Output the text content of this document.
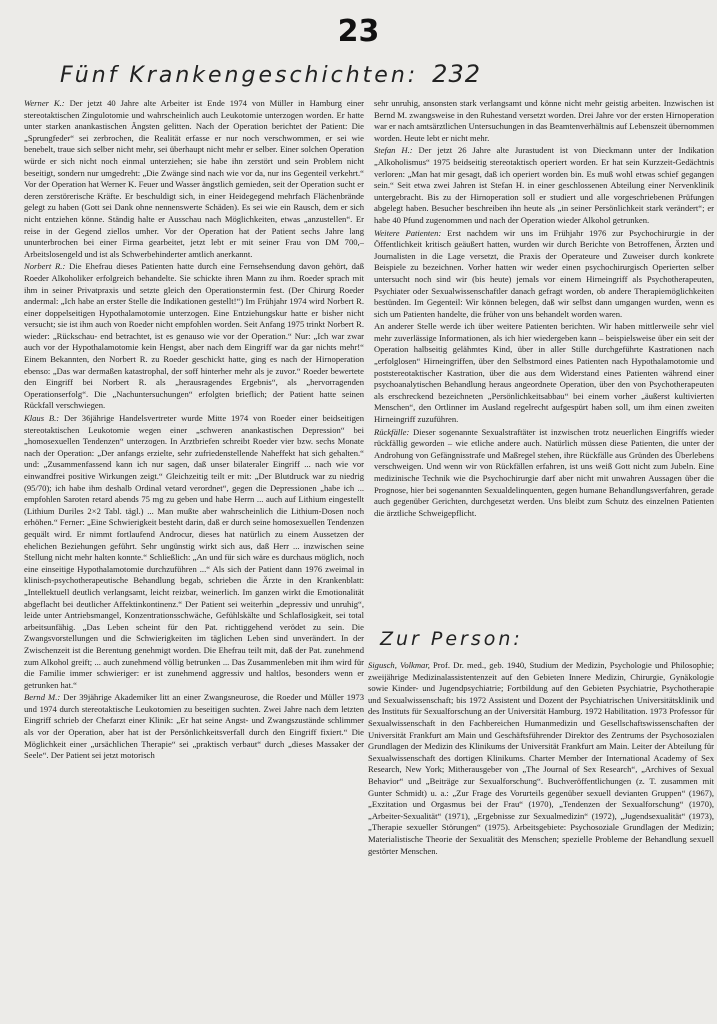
23
Fünf Krankengeschichten: 232

Werner K.: Der jetzt 40 Jahre alte Arbeiter ist Ende 1974 von Müller in Hamburg einer stereotaktischen Zingulotomie und wahrscheinlich auch Leukotomie unterzogen worden. Er hatte unter starken anankastischen Ängsten gelitten. Nach der Operation berichtet der Patient: Die „Sprungfeder“ sei zerbrochen, die Realität erfasse er nur noch verschwommen, er sei wie benebelt, traue sich selber nicht mehr, sei überhaupt nicht mehr er selber. Einer solchen Operation würde er sich nicht noch einmal unterziehen; sie habe ihn zerstört und sein Problem nicht beseitigt, sondern nur umgedreht: „Die Zwänge sind nach wie vor da, nur ins Gegenteil verkehrt.“ Vor der Operation hat Werner K. Feuer und Wasser ängstlich gemieden, seit der Operation sucht er deren zerstörerische Kräfte. Er beschuldigt sich, in einer Heidegegend mehrfach Flächenbrände gelegt zu haben (Gott sei Dank ohne nennenswerte Schäden). Es sei wie ein Rausch, dem er sich nicht entziehen könne. Ständig halte er Ausschau nach Möglichkeiten, etwas „anzustellen“. Er reise in der Gegend ziellos umher. Vor der Operation hat der Patient sechs Jahre lang ununterbrochen bei einer Firma gearbeitet, jetzt lebt er mit seiner Frau von DM 700,– Arbeitslosengeld und ist als Schwerbehinderter amtlich anerkannt.

Norbert R.: Die Ehefrau dieses Patienten hatte durch eine Fernsehsendung davon gehört, daß Roeder Alkoholiker erfolgreich behandelte. Sie schickte ihren Mann zu ihm. Roeder sprach mit ihm in seiner Privatpraxis und setzte gleich den Operationstermin fest. (Der Chirurg Roeder andermal: „Ich habe an erster Stelle die Indikationen gestellt!“) Im Frühjahr 1974 wird Norbert R. einer doppelseitigen Hypothalamotomie unterzogen. Eine Entziehungskur hatte er bisher nicht versucht; sie ist ihm auch von Roeder nicht empfohlen worden. Seit Anfang 1975 trinkt Norbert R. wieder: „Rückschau- end betrachtet, ist es genauso wie vor der Operation.“ Nur: „Ich war zwar auch vor der Hypothalamotomie kein Hengst, aber nach dem Eingriff war da gar nichts mehr!“ Einem Bekannten, den Norbert R. zu Roeder geschickt hatte, ging es nach der Hirnoperation ebenso: „Das war dermaßen katastrophal, der soff hinterher mehr als je zuvor.“ Roeder bewertete den Eingriff bei Norbert R. als „herausragendes Ergebnis“, als „hervorragenden Operationserfolg“. Die „Nachuntersuchungen“ erfolgten brieflich; der Patient hatte seinen Rückfall verschwiegen.

Klaus B.: Der 36jährige Handelsvertreter wurde Mitte 1974 von Roeder einer beidseitigen stereotaktischen Leukotomie wegen einer „schweren anankastischen Depression“ bei „homosexuellen Tendenzen“ unterzogen. In Arztbriefen schreibt Roeder vier bzw. sechs Monate nach der Operation: „Der anfangs erzielte, sehr zufriedenstellende Naheffekt hat sich gehalten.“ und: „Zusammenfassend kann ich nur sagen, daß unser bilateraler Eingriff ... nach wie vor einwandfrei positive Wirkungen zeigt.“ Gleichzeitig teilt er mit: „Der Blutdruck war zu niedrig (95/70); ich habe ihm deshalb Ordinal vetard verordnet“, gegen die Depressionen „habe ich ... empfohlen Saroten retard abends 75 mg zu geben und habe Herrn ... auch auf Lithium eingestellt (Lithium Duriles 2×2 Tabl. tägl.) ... Man mußte aber wahrscheinlich die Lithium-Dosen noch erhöhen.“ Ferner: „Eine Schwierigkeit besteht darin, daß er durch seine homosexuellen Tendenzen gequält wird. Er nimmt fortlaufend Androcur, dieses hat natürlich zu einem Aussetzen der ehelichen Beziehungen geführt. Sehr ungünstig wirkt sich aus, daß Herr ... inzwischen seine Stellung nicht mehr halten konnte.“ Schließlich: „An und für sich wäre es durchaus möglich, noch eine einseitige Hypothalamotomie durchzuführen ...“ Als sich der Patient dann 1976 zweimal in klinisch-psychotherapeutische Behandlung begab, schrieben die Ärzte in den Krankenblatt: „Intellektuell deutlich verlangsamt, leicht reizbar, weinerlich. Im ganzen wirkt die Emotionalität abgeflacht bei deutlicher Affektinkontinenz.“ Der Patient sei weiterhin „depressiv und unruhig“, leide unter Antriebsmangel, Konzentrationsschwäche, Gefühlskälte und Schlaflosigkeit, sei total arbeitsunfähig. „Das Leben scheint für den Pat. richtiggehend verödet zu sein. Die Zwangsvorstellungen und die Schwierigkeiten im täglichen Leben sind unverändert. In der Zwischenzeit ist die Berentung genehmigt worden. Die Ehefrau teilt mit, daß der Pat. zunehmend zum Alkohol greift; ... auch zunehmend völlig betrunken ... Das Zusammenleben mit ihm wird für die Familie immer schwieriger: er ist zunehmend aggressiv und haltlos, besonders wenn er getrunken hat.“

Bernd M.: Der 39jährige Akademiker litt an einer Zwangsneurose, die Roeder und Müller 1973 und 1974 durch stereotaktische Leukotomien zu beseitigen suchten. Zwei Jahre nach dem letzten Eingriff schrieb der Chefarzt einer Klinik: „Er hat seine Angst- und Zwangszustände schlimmer als vor der Operation, aber hat ist der Persönlichkeitsverfall durch den Eingriff fixiert.“ Die Möglichkeit einer „ursächlichen Therapie“ sei „praktisch verbaut“ durch „dieses Massaker der Seele“. Der Patient sei jetzt motorisch

sehr unruhig, ansonsten stark verlangsamt und könne nicht mehr geistig arbeiten. Inzwischen ist Bernd M. zwangsweise in den Ruhestand versetzt worden. Drei Jahre vor der ersten Hirnoperation war er nach amtsärztlichen Untersuchungen in das Beamtenverhältnis auf Lebenszeit übernommen worden. Heute lebt er nicht mehr.

Stefan H.: Der jetzt 26 Jahre alte Jurastudent ist von Dieckmann unter der Indikation „Alkoholismus“ 1975 beidseitig stereotaktisch operiert worden. Er hat sein Kurzzeit-Gedächtnis verloren: „Man hat mir gesagt, daß ich operiert worden bin. Es muß wohl etwas schief gegangen sein.“ Seit etwa zwei Jahren ist Stefan H. in einer geschlossenen Abteilung einer Nervenklinik untergebracht. Bis zu der Hirnoperation soll er studiert und alle vorgeschriebenen Prüfungen abgelegt haben. Besucher beschreiben ihn heute als „in seiner Persönlichkeit stark verändert“; er habe 40 Pfund zugenommen und nach der Operation wieder Alkohol getrunken.

Weitere Patienten: Erst nachdem wir uns im Frühjahr 1976 zur Psychochirurgie in der Öffentlichkeit kritisch geäußert hatten, wurden wir durch Berichte von Betroffenen, Ärzten und Journalisten in die Lage versetzt, die Praxis der Operateure und Zuweiser durch konkrete Beispiele zu bezeichnen. Vorher hatten wir weder einen psychochirurgisch Operierten selber untersucht noch sind wir (bis heute) jemals vor einem Hirneingriff als Psychotherapeuten, Psychiater oder Sexualwissenschaftler danach gefragt worden, ob andere Therapiemöglichkeiten bestünden. Im Gegenteil: Wir können belegen, daß wir selbst dann umgangen wurden, wenn es sich um Patienten handelte, die früher von uns behandelt worden waren.

An anderer Stelle werde ich über weitere Patienten berichten. Wir haben mittlerweile sehr viel mehr zuverlässige Informationen, als ich hier wiedergeben kann – beispielsweise über ein seit der Operation halbseitig gelähmtes Kind, über in aller Stille durchgeführte Kastrationen nach „erfolglosen“ Hirneingriffen, über den Selbstmord eines Patienten nach Hypothalamotomie und poststereotaktischer Kastration, über die aus dem Widerstand eines Patienten während einer psychoanalytischen Behandlung heraus angeordnete Operation, über den von Psychotherapeuten als erschreckend bezeichneten „Persönlichkeitsabbau“ bei einem vorher „äußerst kultivierten Menschen“, den Ortlinner im Ausland regelrecht aufgespürt haben soll, um ihm einen zweiten Hirneingriff zuzuführen.

Rückfälle: Dieser sogenannte Sexualstraftäter ist inzwischen trotz neuerlichen Eingriffs wieder rückfällig geworden – wie etliche andere auch. Natürlich müssen diese Patienten, die unter der Androhung von Gefängnisstrafe und Maßregel stehen, ihre Rückfälle aus Gründen des Überlebens verschweigen. Und wenn wir von Rückfällen erfahren, ist uns weiß Gott nicht zum Jubeln. Eine medizinische Technik wie die Psychochirurgie darf aber nicht mit unwahren Aussagen über die Prognose, hier bei sogenannten Sexualdelinquenten, gegen humane Behandlungsverfahren, gerade auch gegenüber Gerichten, durchgesetzt werden. Uns bleibt zum Schutz des einzelnen Patienten die ärztliche Schweigepflicht.

Zur Person:
Sigusch, Volkmar, Prof. Dr. med., geb. 1940, Studium der Medizin, Psychologie und Philosophie; zweijährige Medizinalassistentenzeit auf den Gebieten Innere Medizin, Chirurgie, Gynäkologie sowie Kinder- und Jugendpsychiatrie; Fortbildung auf den Gebieten Psychiatrie, Psychotherapie und Sexualwissenschaft; bis 1972 Assistent und Dozent der Psychiatrischen Universitätsklinik und des Instituts für Sexualforschung an der Universität Hamburg. 1972 Habilitation. 1973 Professor für Sexualwissenschaft in den Fachbereichen Humanmedizin und Gesellschaftswissenschaften der Universität Frankfurt am Main und Geschäftsführender Direktor des Zentrums der Psychosozialen Grundlagen der Medizin des Klinikums der Universität Frankfurt am Main. Leiter der Abteilung für Sexualwissenschaft des dortigen Klinikums. Charter Member der International Academy of Sex Research, New York; Mitherausgeber von „The Journal of Sex Research“, „Archives of Sexual Behavior“ und „Beiträge zur Sexualforschung“. Buchveröffentlichungen (z. T. zusammen mit Gunter Schmidt) u. a.: „Zur Frage des Vorurteils gegenüber sexuell devianten Gruppen“ (1967), „Exzitation und Orgasmus bei der Frau“ (1970), „Tendenzen der Sexualforschung“ (1970), „Arbeiter-Sexualität“ (1971), „Ergebnisse zur Sexualmedizin“ (1972), „Jugendsexualität“ (1973), „Therapie sexueller Störungen“ (1975). Arbeitsgebiete: Psychosoziale Grundlagen der Medizin; Materialistische Theorie der Sexualität des Menschen; spezielle Probleme der Behandlung sexuell gestörter Menschen.
